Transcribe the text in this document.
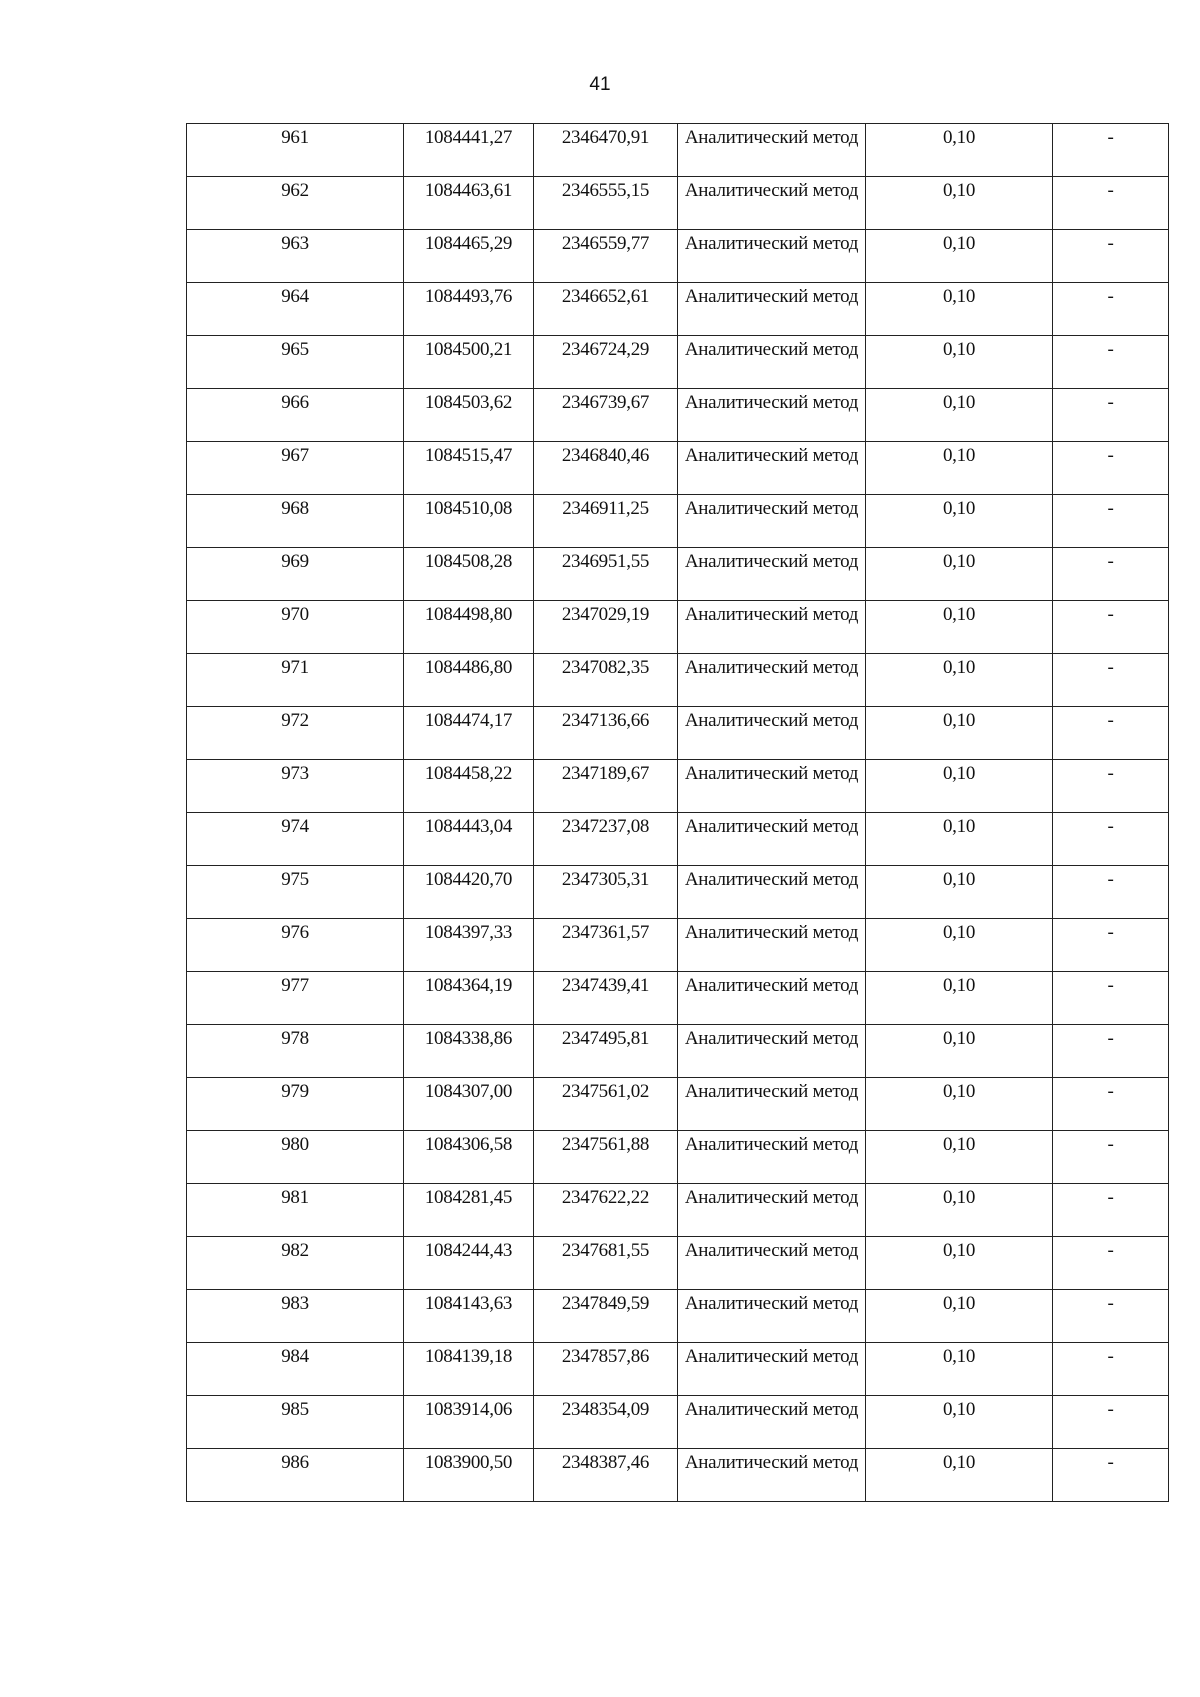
41
961	1084441,27	2346470,91	Аналитический метод	0,10	-
962	1084463,61	2346555,15	Аналитический метод	0,10	-
963	1084465,29	2346559,77	Аналитический метод	0,10	-
964	1084493,76	2346652,61	Аналитический метод	0,10	-
965	1084500,21	2346724,29	Аналитический метод	0,10	-
966	1084503,62	2346739,67	Аналитический метод	0,10	-
967	1084515,47	2346840,46	Аналитический метод	0,10	-
968	1084510,08	2346911,25	Аналитический метод	0,10	-
969	1084508,28	2346951,55	Аналитический метод	0,10	-
970	1084498,80	2347029,19	Аналитический метод	0,10	-
971	1084486,80	2347082,35	Аналитический метод	0,10	-
972	1084474,17	2347136,66	Аналитический метод	0,10	-
973	1084458,22	2347189,67	Аналитический метод	0,10	-
974	1084443,04	2347237,08	Аналитический метод	0,10	-
975	1084420,70	2347305,31	Аналитический метод	0,10	-
976	1084397,33	2347361,57	Аналитический метод	0,10	-
977	1084364,19	2347439,41	Аналитический метод	0,10	-
978	1084338,86	2347495,81	Аналитический метод	0,10	-
979	1084307,00	2347561,02	Аналитический метод	0,10	-
980	1084306,58	2347561,88	Аналитический метод	0,10	-
981	1084281,45	2347622,22	Аналитический метод	0,10	-
982	1084244,43	2347681,55	Аналитический метод	0,10	-
983	1084143,63	2347849,59	Аналитический метод	0,10	-
984	1084139,18	2347857,86	Аналитический метод	0,10	-
985	1083914,06	2348354,09	Аналитический метод	0,10	-
986	1083900,50	2348387,46	Аналитический метод	0,10	-
